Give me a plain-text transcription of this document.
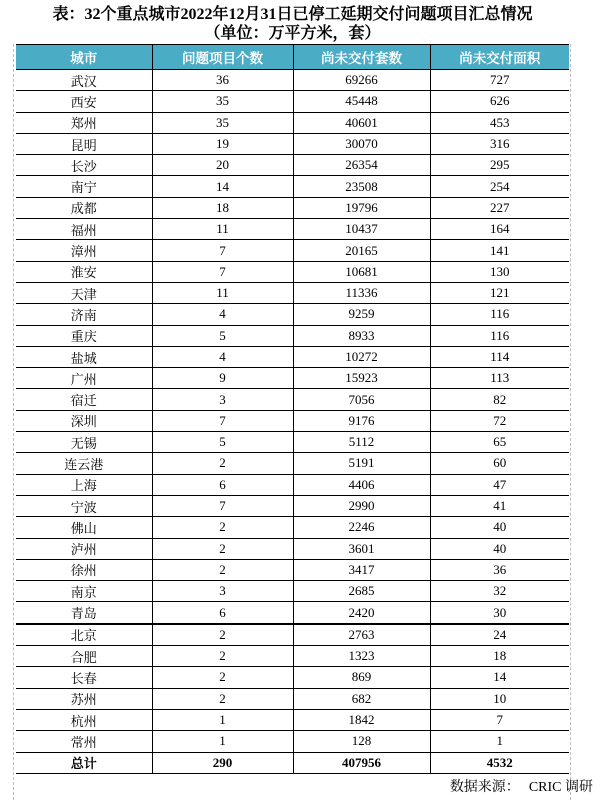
表：32个重点城市2022年12月31日已停工延期交付问题项目汇总情况
（单位：万平方米，套）
城市	问题项目个数	尚未交付套数	尚未交付面积
武汉	36	69266	727
西安	35	45448	626
郑州	35	40601	453
昆明	19	30070	316
长沙	20	26354	295
南宁	14	23508	254
成都	18	19796	227
福州	11	10437	164
漳州	7	20165	141
淮安	7	10681	130
天津	11	11336	121
济南	4	9259	116
重庆	5	8933	116
盐城	4	10272	114
广州	9	15923	113
宿迁	3	7056	82
深圳	7	9176	72
无锡	5	5112	65
连云港	2	5191	60
上海	6	4406	47
宁波	7	2990	41
佛山	2	2246	40
泸州	2	3601	40
徐州	2	3417	36
南京	3	2685	32
青岛	6	2420	30
北京	2	2763	24
合肥	2	1323	18
长春	2	869	14
苏州	2	682	10
杭州	1	1842	7
常州	1	128	1
总计	290	407956	4532
数据来源： CRIC 调研
